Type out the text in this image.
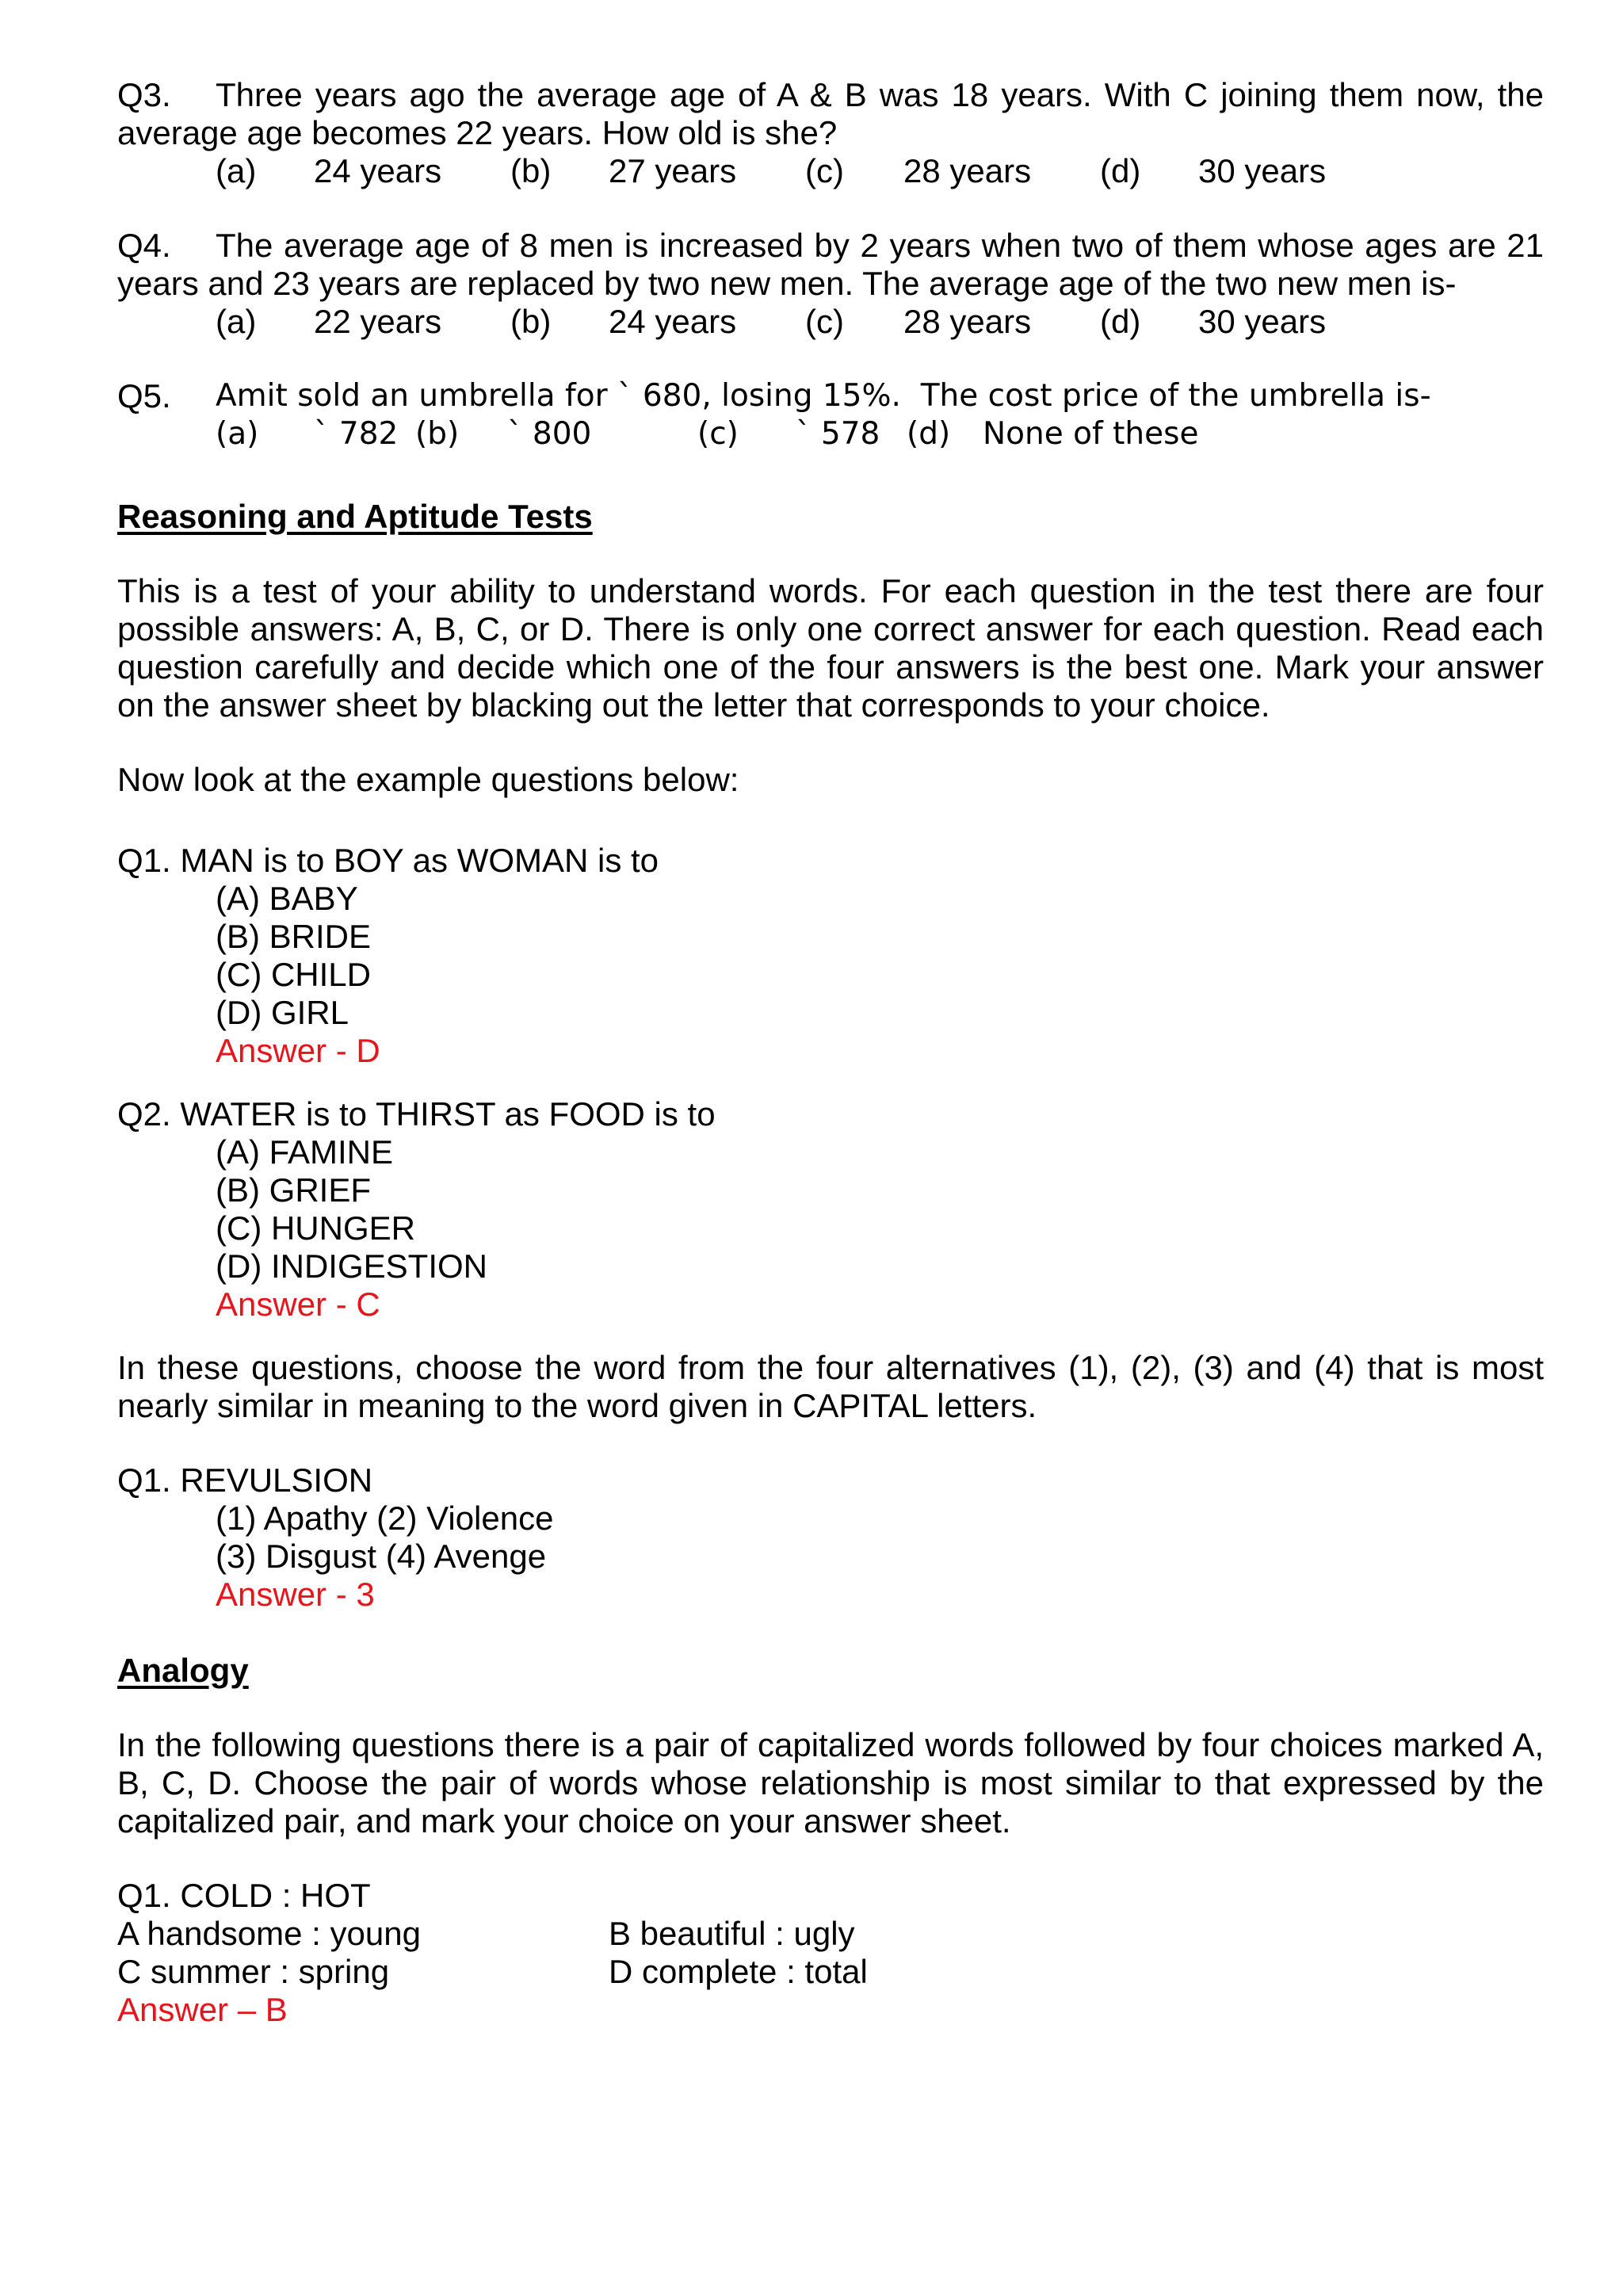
Q3. Three years ago the average age of A & B was 18 years. With C joining them now, the average age becomes 22 years. How old is she?
(a)	24 years	(b)	27 years	(c)	28 years	(d)	30 years
Q4. The average age of 8 men is increased by 2 years when two of them whose ages are 21 years and 23 years are replaced by two new men. The average age of the two new men is-
(a)	22 years	(b)	24 years	(c)	28 years	(d)	30 years
Q5.	Amit sold an umbrella for ` 680, losing 15%.  The cost price of the umbrella is-
(a)	` 782 (b)	` 800	(c)	` 578 (d)	None of these
Reasoning and Aptitude Tests
This is a test of your ability to understand words. For each question in the test there are four possible answers: A, B, C, or D. There is only one correct answer for each question. Read each question carefully and decide which one of the four answers is the best one. Mark your answer on the answer sheet by blacking out the letter that corresponds to your choice.
Now look at the example questions below:
Q1. MAN is to BOY as WOMAN is to
(A) BABY
(B) BRIDE
(C) CHILD
(D) GIRL
Answer - D
Q2. WATER is to THIRST as FOOD is to
(A) FAMINE
(B) GRIEF
(C) HUNGER
(D) INDIGESTION
Answer - C
In these questions, choose the word from the four alternatives (1), (2), (3) and (4) that is most nearly similar in meaning to the word given in CAPITAL letters.
Q1. REVULSION
(1) Apathy (2) Violence
(3) Disgust (4) Avenge
Answer - 3
Analogy
In the following questions there is a pair of capitalized words followed by four choices marked A, B, C, D. Choose the pair of words whose relationship is most similar to that expressed by the capitalized pair, and mark your choice on your answer sheet.
Q1. COLD : HOT
A handsome : young	B beautiful : ugly
C summer : spring	D complete : total
Answer – B
